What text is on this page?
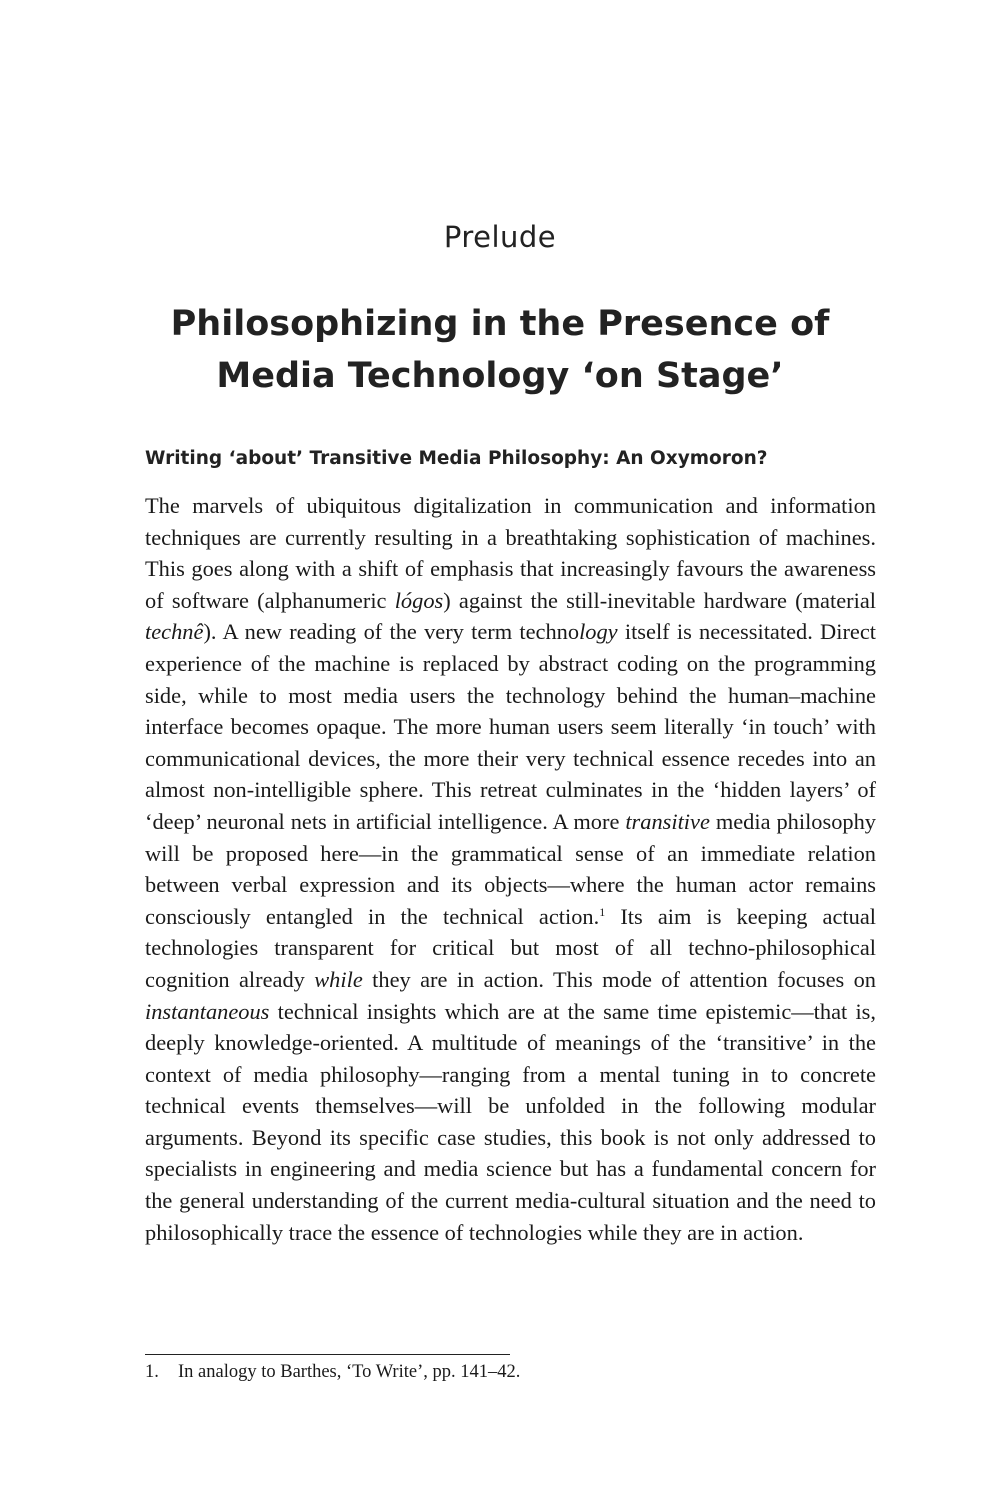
Prelude
Philosophizing in the Presence of
Media Technology ‘on Stage’
Writing ‘about’ Transitive Media Philosophy: An Oxymoron?
The marvels of ubiquitous digitalization in communication and information techniques are currently resulting in a breathtaking sophistication of machines. This goes along with a shift of emphasis that increasingly favours the awareness of software (alphanumeric lógos) against the still-inevitable hardware (material technê). A new reading of the very term technology itself is necessitated. Direct experience of the machine is replaced by abstract coding on the programming side, while to most media users the technology behind the human–machine interface becomes opaque. The more human users seem literally ‘in touch’ with communicational devices, the more their very technical essence recedes into an almost non-intelligible sphere. This retreat culminates in the ‘hidden layers’ of ‘deep’ neuronal nets in artificial intelligence. A more transitive media philosophy will be proposed here—in the grammatical sense of an immediate relation between verbal expression and its objects—where the human actor remains consciously entangled in the technical action.$^1$ Its aim is keeping actual technologies transparent for critical but most of all techno-philosophical cognition already while they are in action. This mode of attention focuses on instantaneous technical insights which are at the same time epistemic—that is, deeply knowledge-oriented. A multitude of meanings of the ‘transitive’ in the context of media philosophy—ranging from a mental tuning in to concrete technical events themselves—will be unfolded in the following modular arguments. Beyond its specific case studies, this book is not only addressed to specialists in engineering and media science but has a fundamental concern for the general understanding of the current media-cultural situation and the need to philosophically trace the essence of technologies while they are in action.
1. In analogy to Barthes, ‘To Write’, pp. 141–42.
